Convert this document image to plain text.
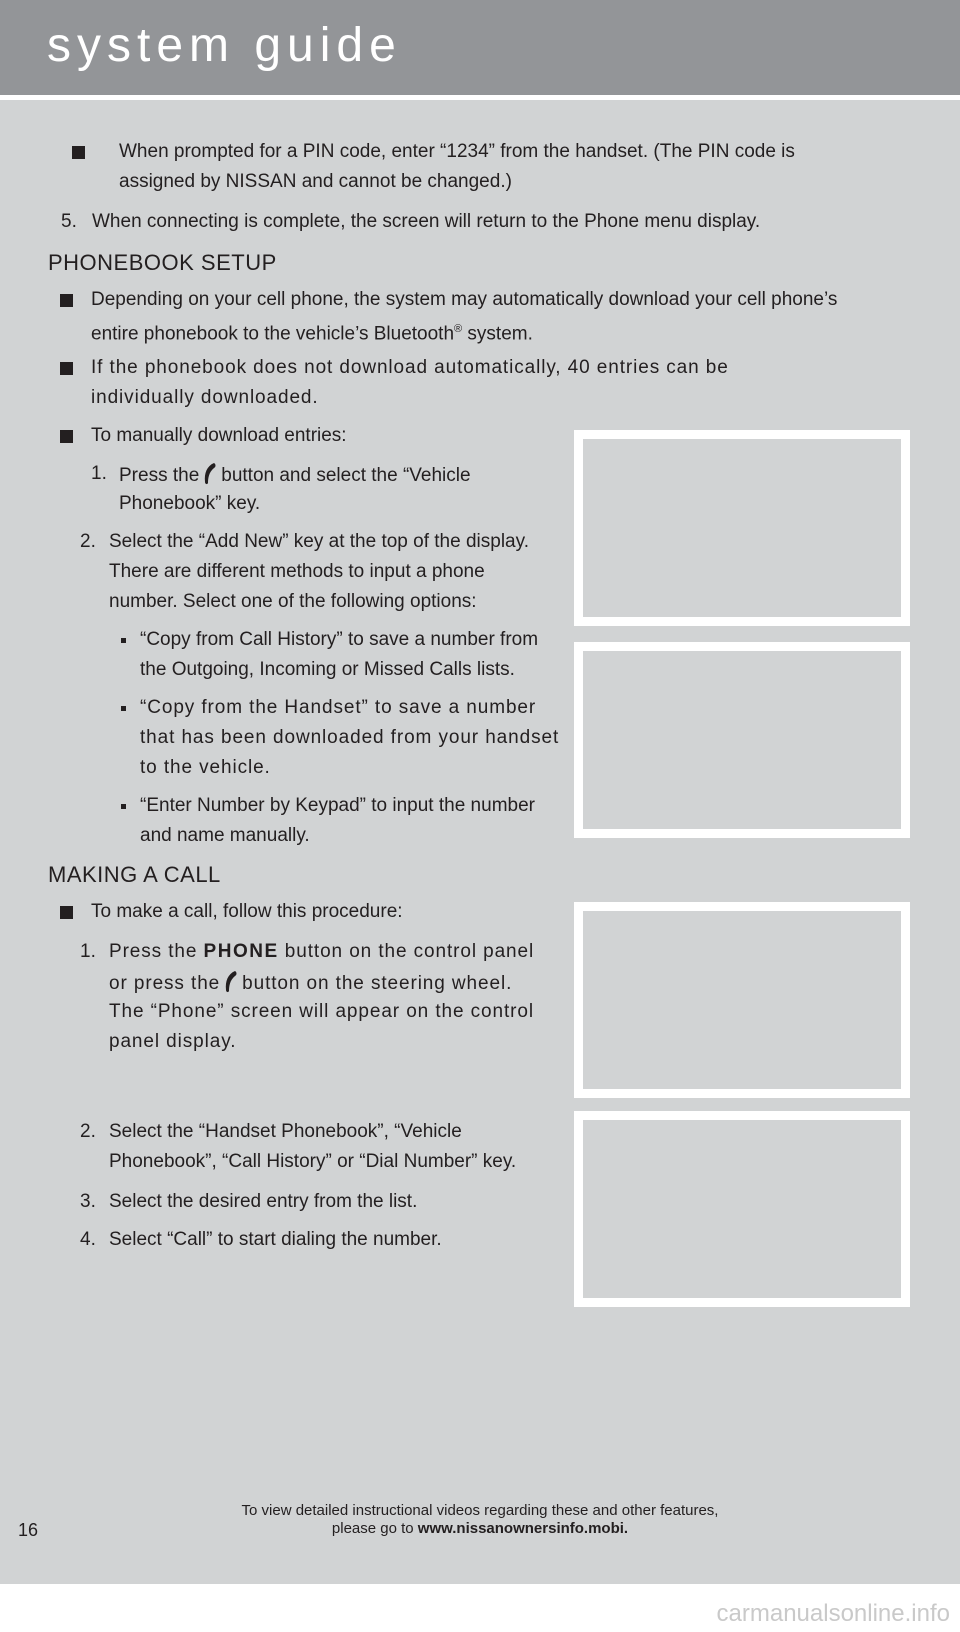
system guide
When prompted for a PIN code, enter “1234” from the handset. (The PIN code is
assigned by NISSAN and cannot be changed.)
5. When connecting is complete, the screen will return to the Phone menu display.
PHONEBOOK SETUP
Depending on your cell phone, the system may automatically download your cell phone’s
entire phonebook to the vehicle’s Bluetooth® system.
If the phonebook does not download automatically, 40 entries can be
individually downloaded.
To manually download entries:
1. Press the button and select the “Vehicle
Phonebook” key.
2. Select the “Add New” key at the top of the display.
There are different methods to input a phone
number. Select one of the following options:
“Copy from Call History” to save a number from
the Outgoing, Incoming or Missed Calls lists.
“Copy from the Handset” to save a number
that has been downloaded from your handset
to the vehicle.
“Enter Number by Keypad” to input the number
and name manually.
MAKING A CALL
To make a call, follow this procedure:
1. Press the PHONE button on the control panel
or press the button on the steering wheel.
The “Phone” screen will appear on the control
panel display.
2. Select the “Handset Phonebook”, “Vehicle
Phonebook”, “Call History” or “Dial Number” key.
3. Select the desired entry from the list.
4. Select “Call” to start dialing the number.
To view detailed instructional videos regarding these and other features,
please go to www.nissanownersinfo.mobi.
16
carmanualsonline.info
